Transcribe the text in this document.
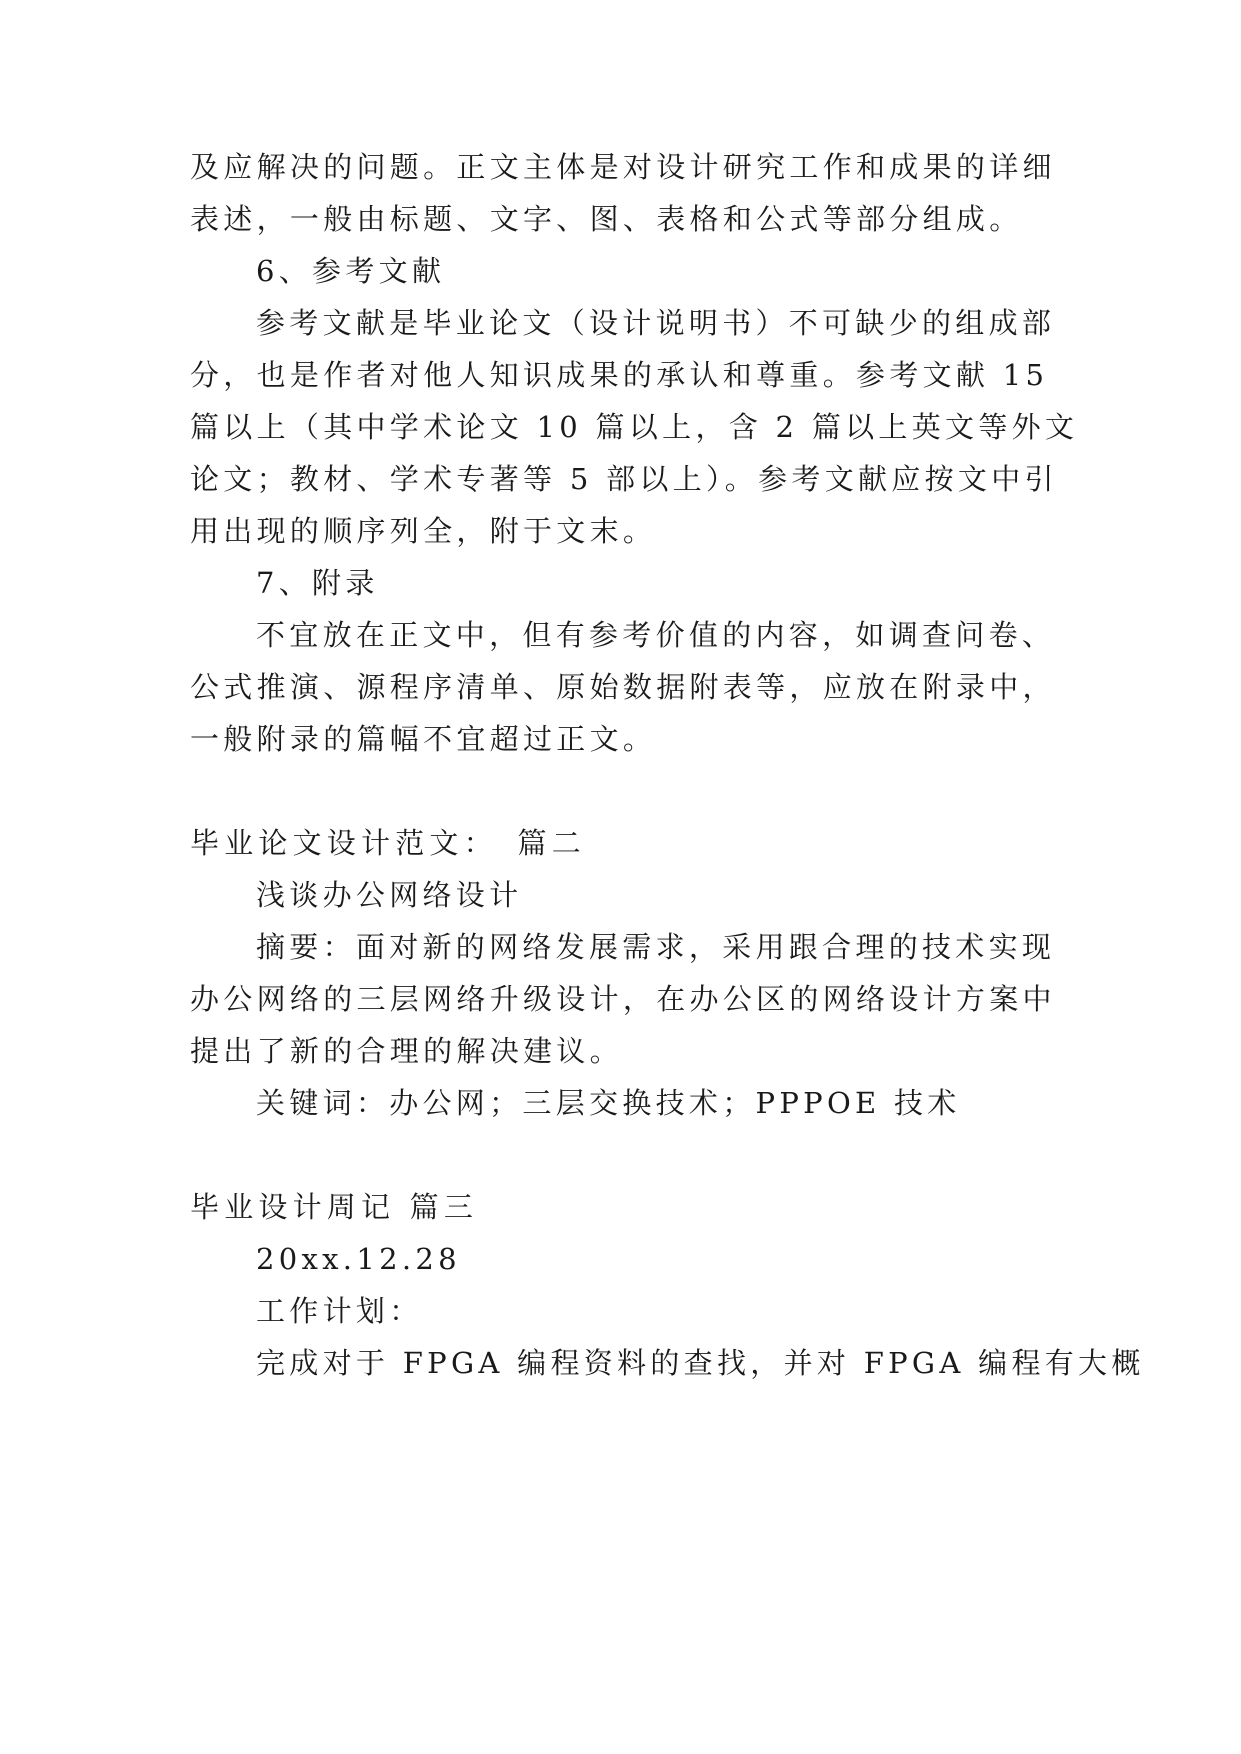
及应解决的问题。正文主体是对设计研究工作和成果的详细
表述，一般由标题、文字、图、表格和公式等部分组成。
6、参考文献
参考文献是毕业论文（设计说明书）不可缺少的组成部
分，也是作者对他人知识成果的承认和尊重。参考文献 15
篇以上（其中学术论文 10 篇以上，含 2 篇以上英文等外文
论文；教材、学术专著等 5 部以上）。参考文献应按文中引
用出现的顺序列全，附于文末。
7、附录
不宜放在正文中，但有参考价值的内容，如调查问卷、
公式推演、源程序清单、原始数据附表等，应放在附录中，
一般附录的篇幅不宜超过正文。
毕业论文设计范文：　篇二
浅谈办公网络设计
摘要：面对新的网络发展需求，采用跟合理的技术实现
办公网络的三层网络升级设计，在办公区的网络设计方案中
提出了新的合理的解决建议。
关键词：办公网；三层交换技术；PPPOE 技术
毕业设计周记 篇三
20xx.12.28
工作计划：
完成对于 FPGA 编程资料的查找，并对 FPGA 编程有大概
